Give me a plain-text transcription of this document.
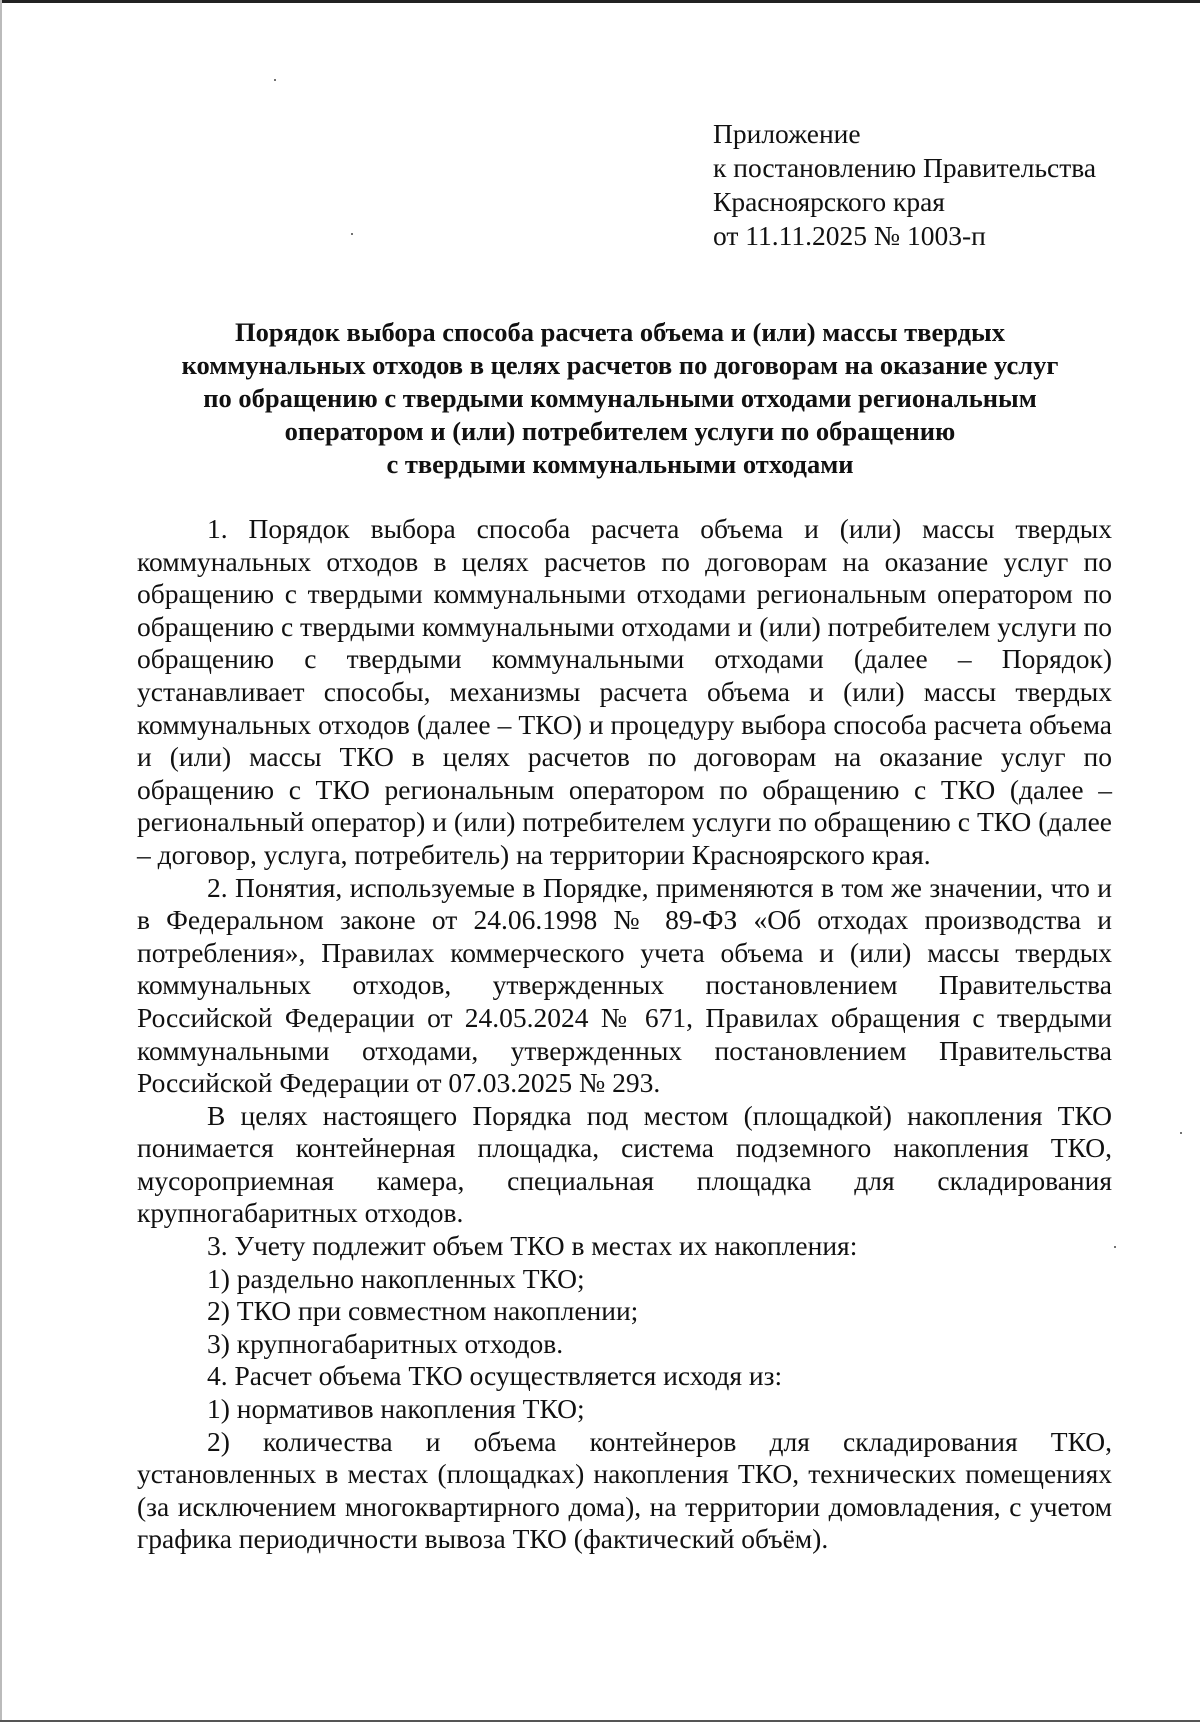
Приложение
к постановлению Правительства
Красноярского края
от 11.11.2025 № 1003-п
Порядок выбора способа расчета объема и (или) массы твердых
коммунальных отходов в целях расчетов по договорам на оказание услуг
по обращению с твердыми коммунальными отходами региональным
оператором и (или) потребителем услуги по обращению
с твердыми коммунальными отходами

1. Порядок выбора способа расчета объема и (или) массы твердых коммунальных отходов в целях расчетов по договорам на оказание услуг по обращению с твердыми коммунальными отходами региональным оператором по обращению с твердыми коммунальными отходами и (или) потребителем услуги по обращению с твердыми коммунальными отходами (далее – Порядок) устанавливает способы, механизмы расчета объема и (или) массы твердых коммунальных отходов (далее – ТКО) и процедуру выбора способа расчета объема и (или) массы ТКО в целях расчетов по договорам на оказание услуг по обращению с ТКО региональным оператором по обращению с ТКО (далее – региональный оператор) и (или) потребителем услуги по обращению с ТКО (далее – договор, услуга, потребитель) на территории Красноярского края.

2. Понятия, используемые в Порядке, применяются в том же значении, что и в Федеральном законе от 24.06.1998 № 89-ФЗ «Об отходах производства и потребления», Правилах коммерческого учета объема и (или) массы твердых коммунальных отходов, утвержденных постановлением Правительства Российской Федерации от 24.05.2024 № 671, Правилах обращения с твердыми коммунальными отходами, утвержденных постановлением Правительства Российской Федерации от 07.03.2025 № 293.

В целях настоящего Порядка под местом (площадкой) накопления ТКО понимается контейнерная площадка, система подземного накопления ТКО, мусороприемная камера, специальная площадка для складирования крупногабаритных отходов.

3. Учету подлежит объем ТКО в местах их накопления:

1) раздельно накопленных ТКО;

2) ТКО при совместном накоплении;

3) крупногабаритных отходов.

4. Расчет объема ТКО осуществляется исходя из:

1) нормативов накопления ТКО;

2) количества и объема контейнеров для складирования ТКО, установленных в местах (площадках) накопления ТКО, технических помещениях (за исключением многоквартирного дома), на территории домовладения, с учетом графика периодичности вывоза ТКО (фактический объём).
